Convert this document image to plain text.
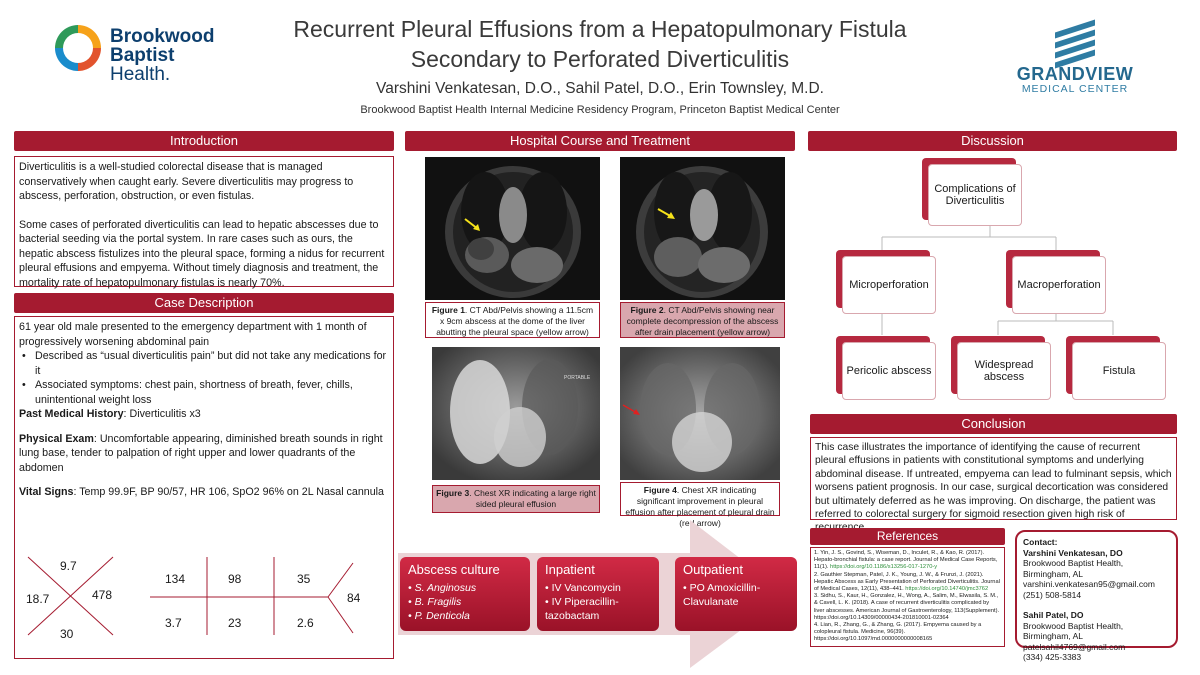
Brookwood
Baptist
Health.
Recurrent Pleural Effusions from a Hepatopulmonary Fistula
Secondary to Perforated Diverticulitis
Varshini Venkatesan, D.O., Sahil Patel, D.O., Erin Townsley, M.D.
Brookwood Baptist Health Internal Medicine Residency Program, Princeton Baptist Medical Center
GRANDVIEW
MEDICAL CENTER
Introduction

Diverticulitis is a well-studied colorectal disease that is managed conservatively when caught early. Severe diverticulitis may progress to abscess, perforation, obstruction, or even fistulas.

Some cases of perforated diverticulitis can lead to hepatic abscesses due to bacterial seeding via the portal system. In rare cases such as ours, the hepatic abscess fistulizes into the pleural space, forming a nidus for recurrent pleural effusions and empyema. Without timely diagnosis and treatment, the mortality rate of hepatopulmonary fistulas is nearly 70%.

Case Description

61 year old male presented to the emergency department with 1 month of progressively worsening abdominal pain

• Described as “usual diverticulitis pain” but did not take any medications for it
• Associated symptoms: chest pain, shortness of breath, fever, chills, unintentional weight loss

Past Medical History: Diverticulitis x3

Physical Exam: Uncomfortable appearing, diminished breath sounds in right lung base, tender to palpation of right upper and lower quadrants of the abdomen

Vital Signs: Temp 99.9F, BP 90/57, HR 106, SpO2 96% on 2L Nasal cannula

9.7
18.7	478
30
134	98	35
3.7	23	2.6
84
Hospital Course and Treatment
Figure 1. CT Abd/Pelvis showing a 11.5cm x 9cm abscess at the dome of the liver abutting the pleural space (yellow arrow)
Figure 2. CT Abd/Pelvis showing near complete decompression of the abscess after drain placement (yellow arrow)
PORTABLE
Figure 3. Chest XR indicating a large right sided pleural effusion
Figure 4. Chest XR indicating significant improvement in pleural effusion after placement of pleural drain (red arrow)
Abscess culture
• S. Anginosus
• B. Fragilis
• P. Denticola
Inpatient
• IV Vancomycin
• IV Piperacillin-tazobactam
Outpatient
• PO Amoxicillin-Clavulanate
Discussion
Complications of Diverticulitis
Microperforation	Macroperforation
Pericolic abscess	Widespread abscess	Fistula
Conclusion
This case illustrates the importance of identifying the cause of recurrent pleural effusions in patients with constitutional symptoms and underlying abdominal disease. If untreated, empyema can lead to fulminant sepsis, which worsens patient prognosis. In our case, surgical decortication was considered but ultimately deferred as he was improving. On discharge, the patient was referred to colorectal surgery for sigmoid resection given high risk of
References
1. Yin, J. S., Govind, S., Wiseman, D., Inculet, R., & Kao, R. (2017). Hepato-bronchial fistula: a case report. Journal of Medical Case Reports, 11(1). https://doi.org/10.1186/s13256-017-1270-y
2. Gauthier Stepman, Patel, J. K., Young, J. W., & Frunzi, J. (2021). Hepatic Abscess as Early Presentation of Perforated Diverticulitis. Journal of Medical Cases, 12(11), 438–441. https://doi.org/10.14740/jmc3762
3. Sidhu, S., Kaur, H., Gonzalez, H., Wong, A., Salim, M., Elwasila, S. M., & Cavell, L. K. (2018). A case of recurrent diverticulitis complicated by liver abscesses. American Journal of Gastroenterology, 113(Supplement). https://doi.org/10.14309/00000434-201810001-02364
4. Lian, R., Zhang, G., & Zhang, G. (2017). Empyema caused by a colopleural fistula. Medicine, 96(39). https://doi.org/10.1097/md.0000000000008165
Contact:
Varshini Venkatesan, DO
Brookwood Baptist Health, Birmingham, AL
varshini.venkatesan95@gmail.com
(251) 508-5814
Sahil Patel, DO
Brookwood Baptist Health, Birmingham, AL
patelsahil4769@gmail.com
(334) 425-3383
